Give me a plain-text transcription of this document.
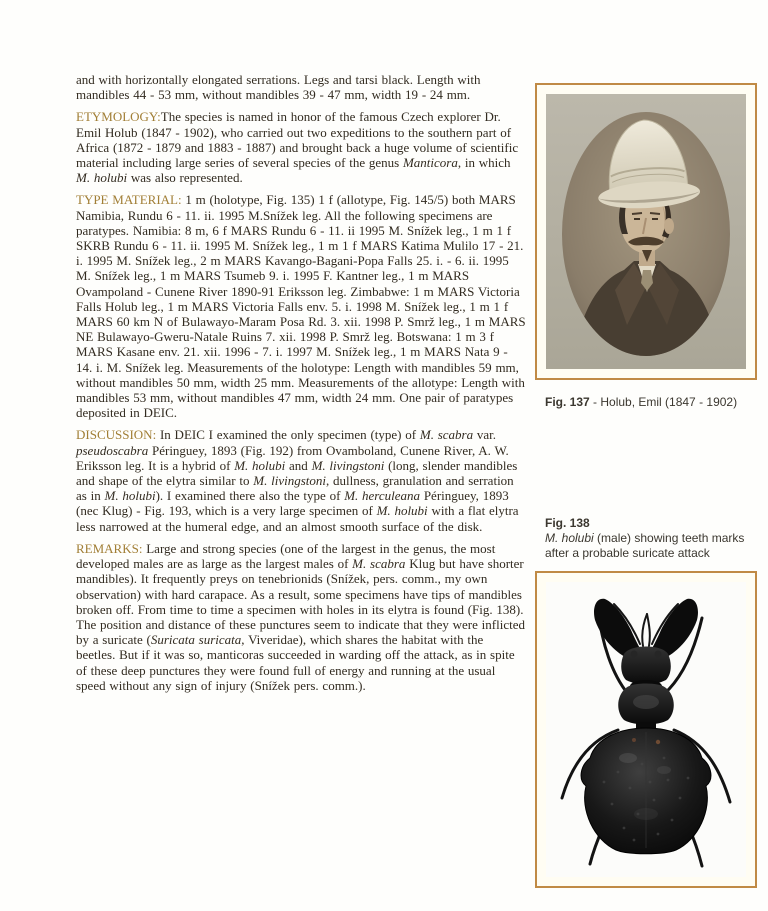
and with horizontally elongated serrations. Legs and tarsi black. Length with mandibles 44 - 53 mm, without mandibles 39 - 47 mm, width 19 - 24 mm.

ETYMOLOGY:The species is named in honor of the famous Czech explorer Dr. Emil Holub (1847 - 1902), who carried out two expeditions to the southern part of Africa (1872 - 1879 and 1883 - 1887) and brought back a huge volume of scientific material including large series of several species of the genus Manticora, in which M. holubi was also represented.

TYPE MATERIAL: 1 m (holotype, Fig. 135) 1 f (allotype, Fig. 145/5) both MARS Namibia, Rundu 6 - 11. ii. 1995 M.Snížek leg. All the following specimens are paratypes. Namibia: 8 m, 6 f MARS Rundu 6 - 11. ii 1995 M. Snížek leg., 1 m 1 f SKRB Rundu 6 - 11. ii. 1995 M. Snížek leg., 1 m 1 f MARS Katima Mulilo 17 - 21. i. 1995 M. Snížek leg., 2 m MARS Kavango-Bagani-Popa Falls 25. i. - 6. ii. 1995 M. Snížek leg., 1 m MARS Tsumeb 9. i. 1995 F. Kantner leg., 1 m MARS Ovampoland - Cunene River 1890-91 Eriksson leg. Zimbabwe: 1 m MARS Victoria Falls Holub leg., 1 m MARS Victoria Falls env. 5. i. 1998 M. Snížek leg., 1 m 1 f MARS 60 km N of Bulawayo-Maram Posa Rd. 3. xii. 1998 P. Smrž leg., 1 m MARS NE Bulawayo-Gweru-Natale Ruins 7. xii. 1998 P. Smrž leg. Botswana: 1 m 3 f MARS Kasane env. 21. xii. 1996 - 7. i. 1997 M. Snížek leg., 1 m MARS Nata 9 - 14. i. M. Snížek leg. Measurements of the holotype: Length with mandibles 59 mm, without mandibles 50 mm, width 25 mm. Measurements of the allotype: Length with mandibles 53 mm, without mandibles 47 mm, width 24 mm. One pair of paratypes deposited in DEIC.

DISCUSSION: In DEIC I examined the only specimen (type) of M. scabra var. pseudoscabra Péringuey, 1893 (Fig. 192) from Ovamboland, Cunene River, A. W. Eriksson leg. It is a hybrid of M. holubi and M. livingstoni (long, slender mandibles and shape of the elytra similar to M. livingstoni, dullness, granulation and serration as in M. holubi). I examined there also the type of M. herculeana Péringuey, 1893 (nec Klug) - Fig. 193, which is a very large specimen of M. holubi with a flat elytra less narrowed at the humeral edge, and an almost smooth surface of the disk.

REMARKS: Large and strong species (one of the largest in the genus, the most developed males are as large as the largest males of M. scabra Klug but have shorter mandibles). It frequently preys on tenebrionids (Snížek, pers. comm., my own observation) with hard carapace. As a result, some specimens have tips of mandibles broken off. From time to time a specimen with holes in its elytra is found (Fig. 138). The position and distance of these punctures seem to indicate that they were inflicted by a suricate (Suricata suricata, Viveridae), which shares the habitat with the beetles. But if it was so, manticoras succeeded in warding off the attack, as in spite of these deep punctures they were found full of energy and running at the usual speed without any sign of injury (Snížek pers. comm.).

Fig. 137 - Holub, Emil (1847 - 1902)
Fig. 138
M. holubi (male) showing teeth marks
after a probable suricate attack
